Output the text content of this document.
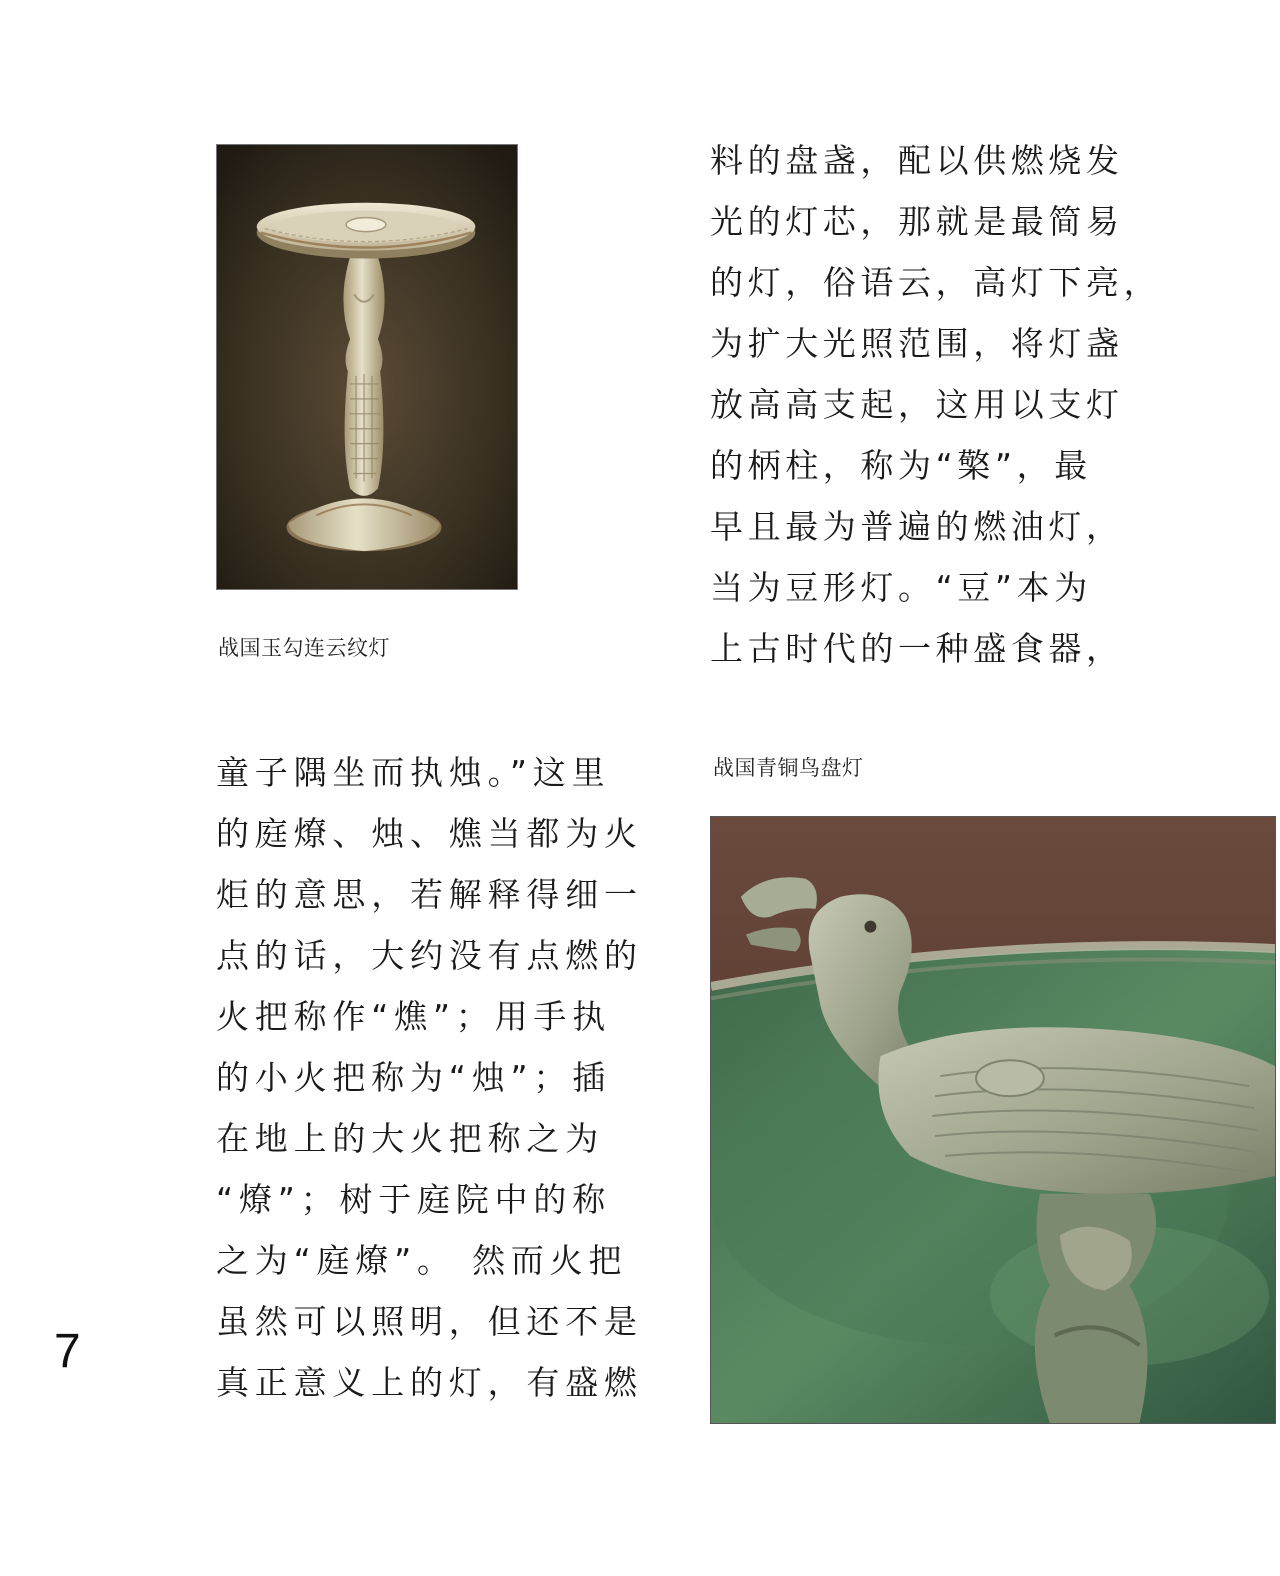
战国玉勾连云纹灯
料的盘盏，配以供燃烧发
光的灯芯，那就是最简易
的灯，俗语云，高灯下亮，
为扩大光照范围，将灯盏
放高高支起，这用以支灯
的柄柱，称为“檠”，最
早且最为普遍的燃油灯，
当为豆形灯。“豆”本为
上古时代的一种盛食器，
童子隅坐而执烛。”这里
的庭燎、烛、燋当都为火
炬的意思，若解释得细一
点的话，大约没有点燃的
火把称作“燋”；用手执
的小火把称为“烛”；插
在地上的大火把称之为
“燎”；树于庭院中的称
之为“庭燎”。 然而火把
虽然可以照明，但还不是
真正意义上的灯，有盛燃
战国青铜鸟盘灯
7
